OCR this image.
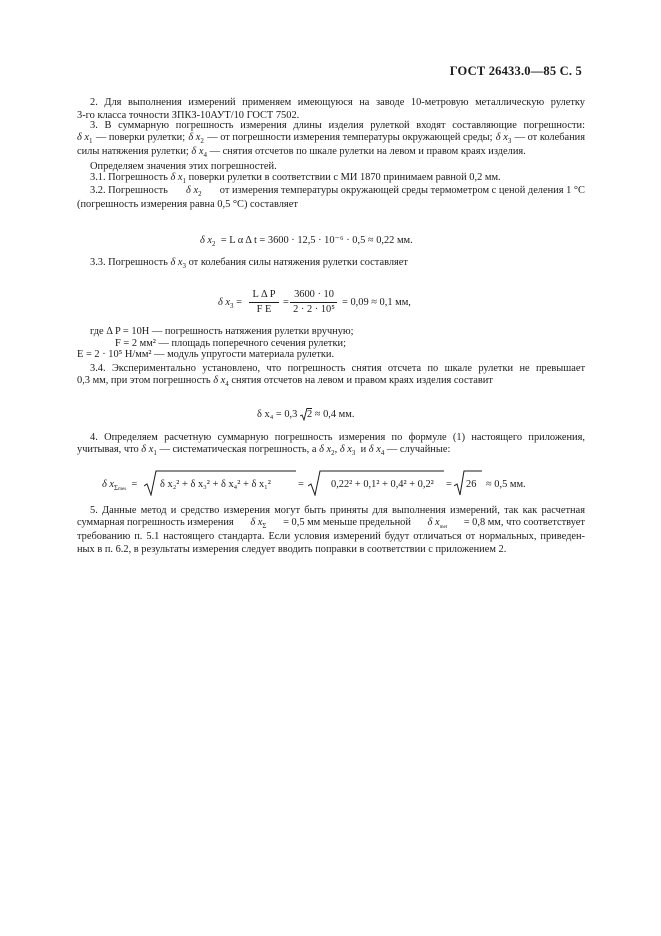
ГОСТ 26433.0—85 С. 5
2. Для выполнения измерений применяем имеющуюся на заводе 10-метровую металлическую рулетку
3-го класса точности ЗПКЗ-10АУТ/10 ГОСТ 7502.
3. В суммарную погрешность измерения длины изделия рулеткой входят составляющие погрешности:
δ $x_1$ — поверки рулетки; δ $x_2$ — от погрешности измерения температуры окружающей среды; δ $x_3$ — от колебания
силы натяжения рулетки; δ $x_4$ — снятия отсчетов по шкале рулетки на левом и правом краях изделия.
Определяем значения этих погрешностей.
3.1. Погрешность δ $x_1$ поверки рулетки в соответствии с МИ 1870 принимаем равной 0,2 мм.
3.2. Погрешность δ $x_2$ от измерения температуры окружающей среды термометром с ценой деления 1 °С
(погрешность измерения равна 0,5 °С) составляет
δ $x_2 = L$ α Δ t = 3600 · 12,5 · 10⁻⁶ · 0,5 ≈ 0,22 мм.
3.3. Погрешность δ $x_3$ от колебания силы натяжения рулетки составляет
δ $x_3$ =
L Δ P
F E
=
3600 · 10
2 · 2 · 10⁵
= 0,09 ≈ 0,1 мм,
где Δ P = 10Н — погрешность натяжения рулетки вручную;
F = 2 мм² — площадь поперечного сечения рулетки;
E = 2 · 10⁵ Н/мм² — модуль упругости материала рулетки.
3.4. Экспериментально установлено, что погрешность снятия отсчета по шкале рулетки не превышает
0,3 мм, при этом погрешность δ $x_4$ снятия отсчетов на левом и правом краях изделия составит
δ x₄ = 0,3 2 ≈ 0,4 мм.
4. Определяем расчетную суммарную погрешность измерения по формуле (1) настоящего приложения,
учитывая, что δ $x_1$ — систематическая погрешность, а δ $x_2$, δ $x_3$ и δ $x_4$ — случайные:
δ $x_{\Sigma mes} = \delta$ x₂² + δ x₃² + δ x₄² + δ x₁²	=	0,22² + 0,1² + 0,4² + 0,2² = 26 ≈ 0,5 мм.
5. Данные метод и средство измерения могут быть приняты для выполнения измерений, так как расчетная
суммарная погрешность измерения δ $x_\Sigma = 0,5$ мм меньше предельной δ $x_{met} = 0,8$ мм, что соответствует
требованию п. 5.1 настоящего стандарта. Если условия измерений будут отличаться от нормальных, приведен-
ных в п. 6.2, в результаты измерения следует вводить поправки в соответствии с приложением 2.
